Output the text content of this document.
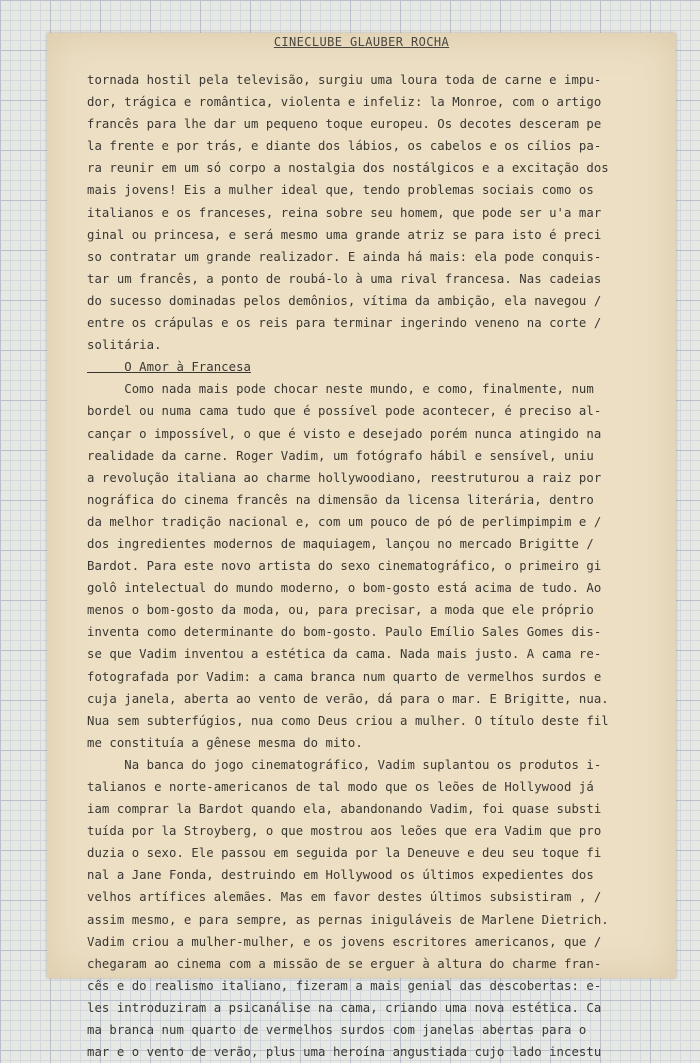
CINECLUBE GLAUBER ROCHA
tornada hostil pela televisão, surgiu uma loura toda de carne e impu-
dor, trágica e romântica, violenta e infeliz: la Monroe, com o artigo
francês para lhe dar um pequeno toque europeu. Os decotes desceram pe
la frente e por trás, e diante dos lábios, os cabelos e os cílios pa-
ra reunir em um só corpo a nostalgia dos nostálgicos e a excitação dos
mais jovens! Eis a mulher ideal que, tendo problemas sociais como os
italianos e os franceses, reina sobre seu homem, que pode ser u'a mar
ginal ou princesa, e será mesmo uma grande atriz se para isto é preci
so contratar um grande realizador. E ainda há mais: ela pode conquis-
tar um francês, a ponto de roubá-lo à uma rival francesa. Nas cadeias
do sucesso dominadas pelos demônios, vítima da ambição, ela navegou /
entre os crápulas e os reis para terminar ingerindo veneno na corte /
solitária.
O Amor à Francesa
Como nada mais pode chocar neste mundo, e como, finalmente, num
bordel ou numa cama tudo que é possível pode acontecer, é preciso al-
cançar o impossível, o que é visto e desejado porém nunca atingido na
realidade da carne. Roger Vadim, um fotógrafo hábil e sensível, uniu
a revolução italiana ao charme hollywoodiano, reestruturou a raiz por
nográfica do cinema francês na dimensão da licensa literária, dentro
da melhor tradição nacional e, com um pouco de pó de perlimpimpim e /
dos ingredientes modernos de maquiagem, lançou no mercado Brigitte /
Bardot. Para este novo artista do sexo cinematográfico, o primeiro gi
golô intelectual do mundo moderno, o bom-gosto está acima de tudo. Ao
menos o bom-gosto da moda, ou, para precisar, a moda que ele próprio
inventa como determinante do bom-gosto. Paulo Emílio Sales Gomes dis-
se que Vadim inventou a estética da cama. Nada mais justo. A cama re-
fotografada por Vadim: a cama branca num quarto de vermelhos surdos e
cuja janela, aberta ao vento de verão, dá para o mar. E Brigitte, nua.
Nua sem subterfúgios, nua como Deus criou a mulher. O título deste fil
me constituía a gênese mesma do mito.
Na banca do jogo cinematográfico, Vadim suplantou os produtos i-
talianos e norte-americanos de tal modo que os leões de Hollywood já
iam comprar la Bardot quando ela, abandonando Vadim, foi quase substi
tuída por la Stroyberg, o que mostrou aos leões que era Vadim que pro
duzia o sexo. Ele passou em seguida por la Deneuve e deu seu toque fi
nal a Jane Fonda, destruindo em Hollywood os últimos expedientes dos
velhos artífices alemães. Mas em favor destes últimos subsistiram , /
assim mesmo, e para sempre, as pernas iniguláveis de Marlene Dietrich.
Vadim criou a mulher-mulher, e os jovens escritores americanos, que /
chegaram ao cinema com a missão de se erguer à altura do charme fran-
cês e do realismo italiano, fizeram a mais genial das descobertas: e-
les introduziram a psicanálise na cama, criando uma nova estética. Ca
ma branca num quarto de vermelhos surdos com janelas abertas para o
mar e o vento de verão, plus uma heroína angustiada cujo lado incestu
